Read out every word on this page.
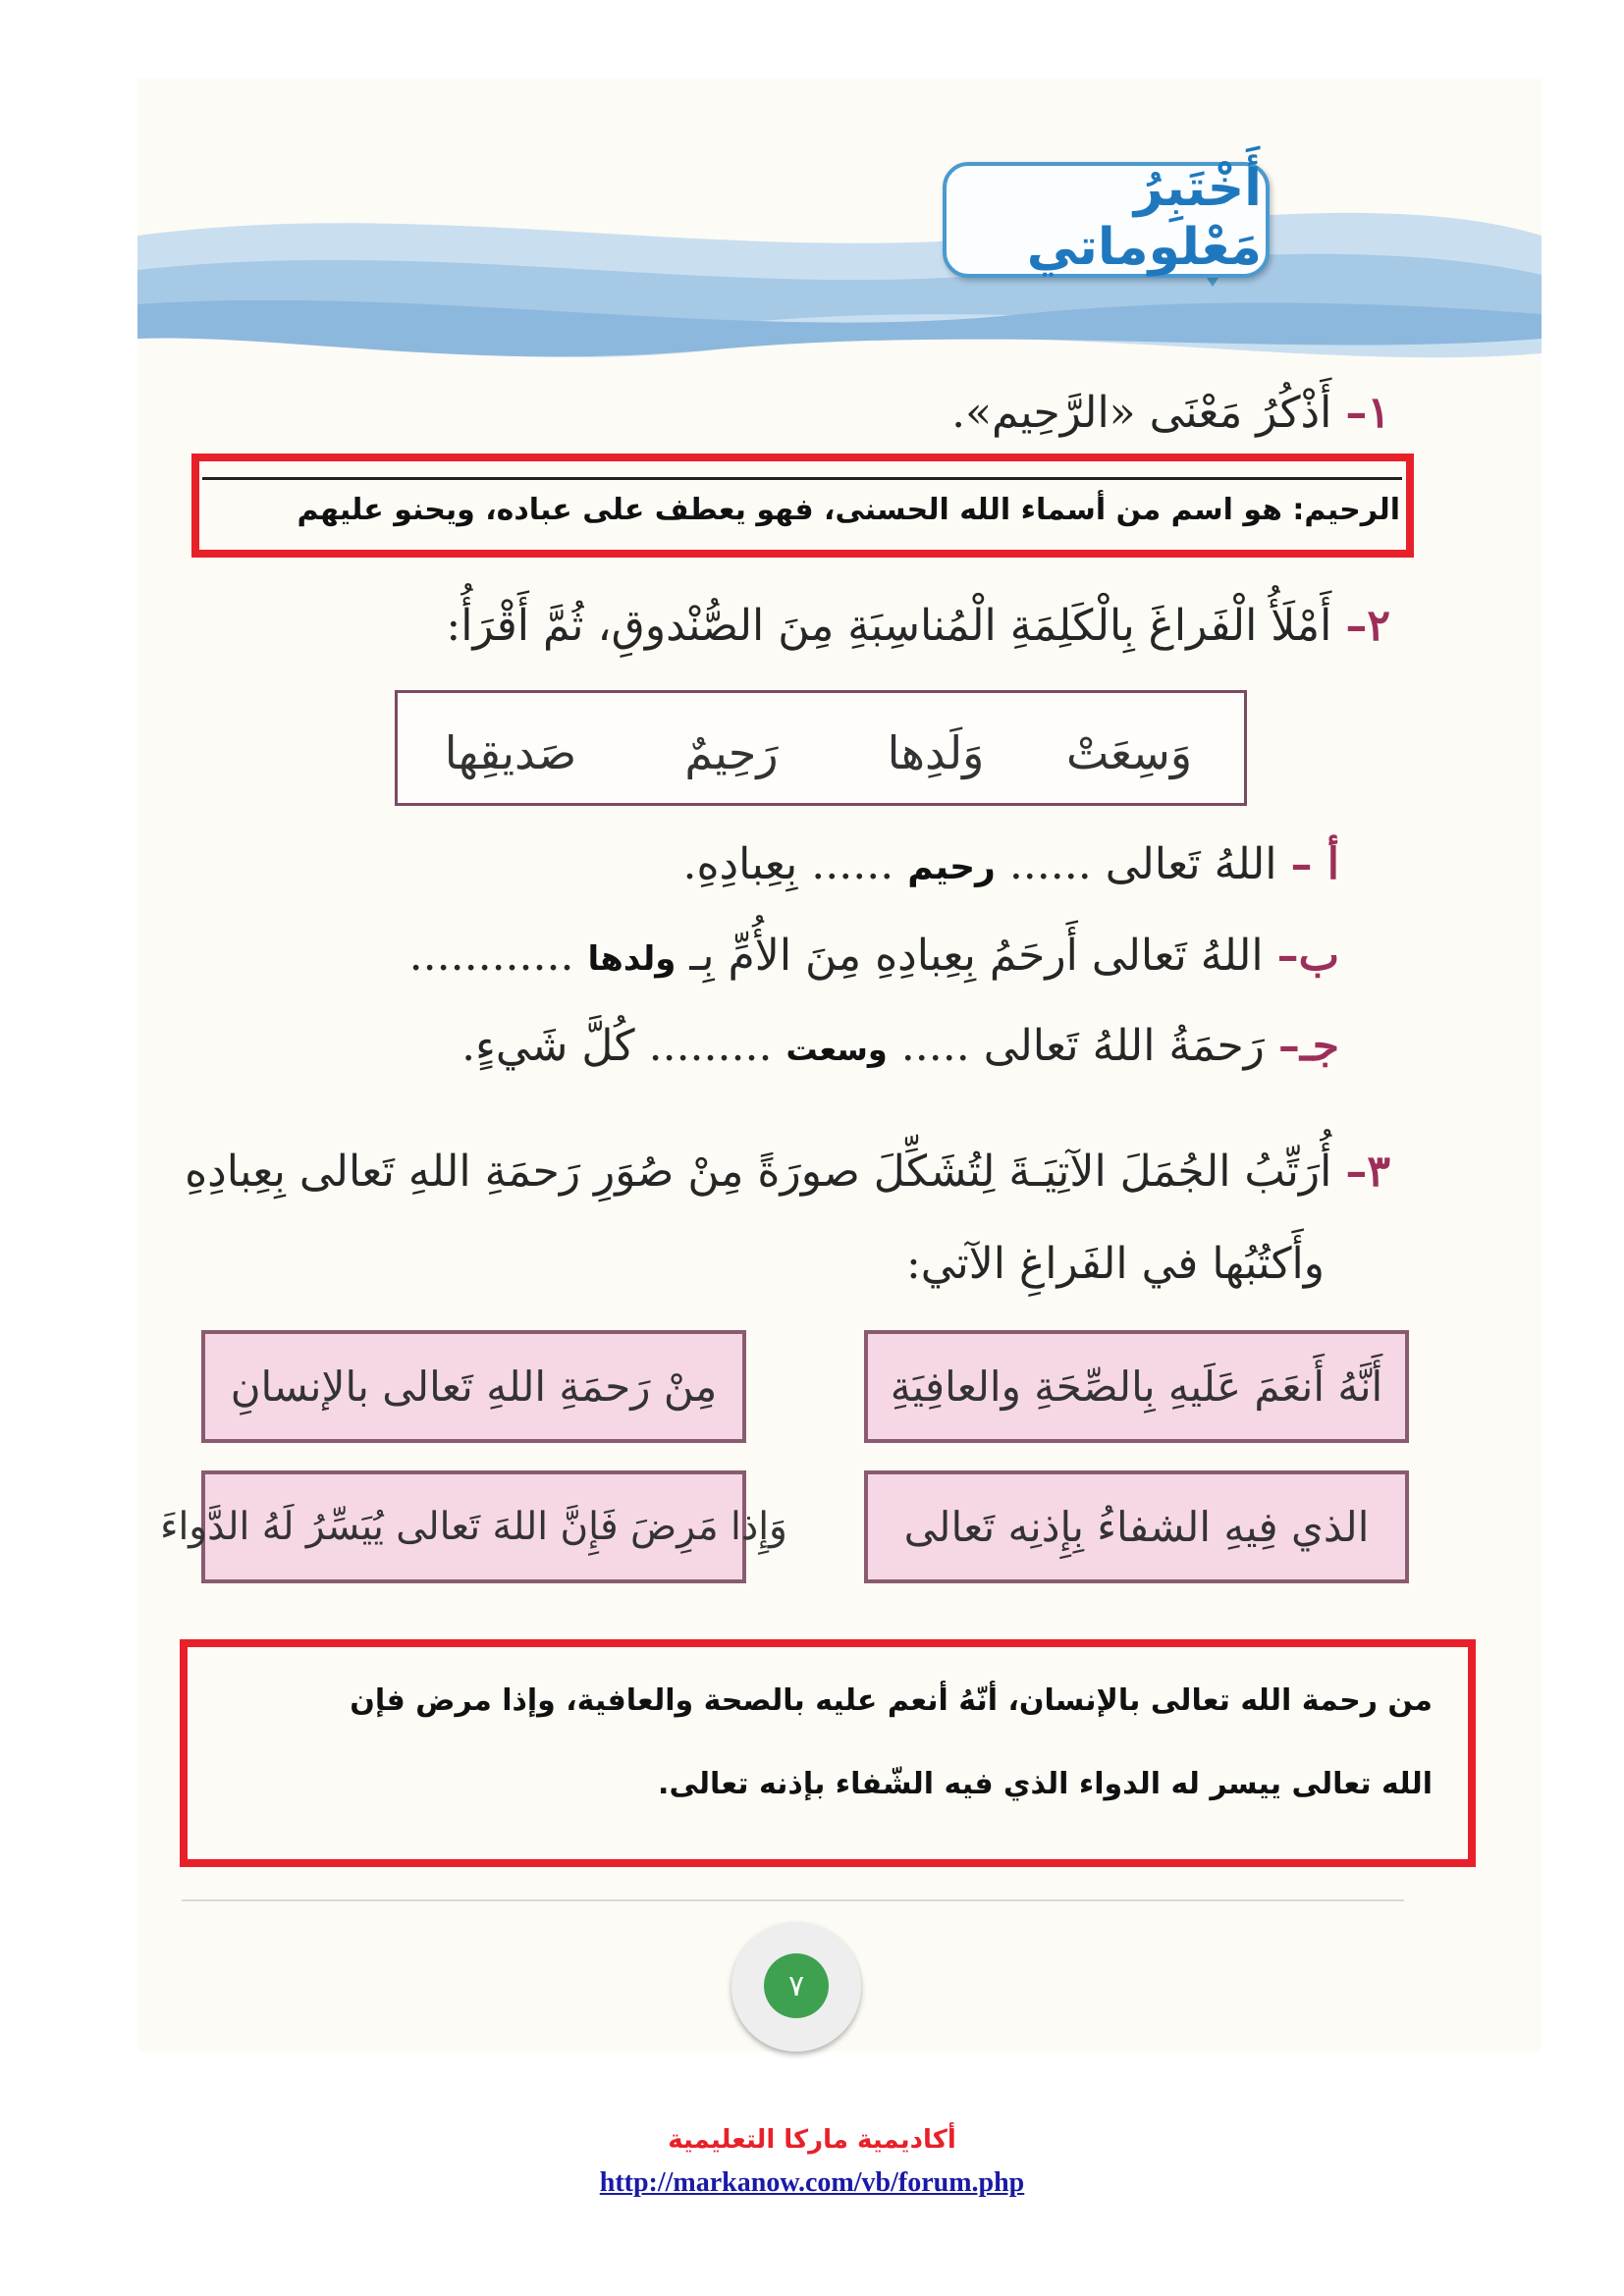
أَخْتَبِرُ مَعْلوماتي
١– أَذْكُرُ مَعْنَى «الرَّحِيم».
الرحيم: هو اسم من أسماء الله الحسنى، فهو يعطف على عباده، ويحنو عليهم
٢– أَمْلَأُ الْفَراغَ بِالْكَلِمَةِ الْمُناسِبَةِ مِنَ الصُّنْدوقِ، ثُمَّ أَقْرَأُ:
وَسِعَتْ
وَلَدِها
رَحِيمٌ
صَديقِها
أ – اللهُ تَعالى ...... رحيم ...... بِعِبادِهِ.
ب– اللهُ تَعالى أَرحَمُ بِعِبادِهِ مِنَ الأُمِّ بِـ ولدها ............
جـ– رَحمَةُ اللهُ تَعالى ..... وسعت ......... كُلَّ شَيءٍ.
٣– أُرَتِّبُ الجُمَلَ الآتِيَـةَ لِتُشَكِّلَ صورَةً مِنْ صُوَرِ رَحمَةِ اللهِ تَعالى بِعِبادِهِ
وأَكتُبُها في الفَراغِ الآتي:
أَنَّهُ أَنعَمَ عَلَيهِ بِالصِّحَةِ والعافِيَةِ
مِنْ رَحمَةِ اللهِ تَعالى بالإنسانِ
الذي فِيهِ الشفاءُ بِإِذنِه تَعالى
وَإِذا مَرِضَ فَإِنَّ اللهَ تَعالى يُيَسِّرُ لَهُ الدَّواءَ
من رحمة الله تعالى بالإنسان، أنّهُ أنعم عليه بالصحة والعافية، وإذا مرض فإن
الله تعالى ييسر له الدواء الذي فيه الشّفاء بإذنه تعالى.
٧
أكاديمية ماركا التعليمية
http://markanow.com/vb/forum.php
